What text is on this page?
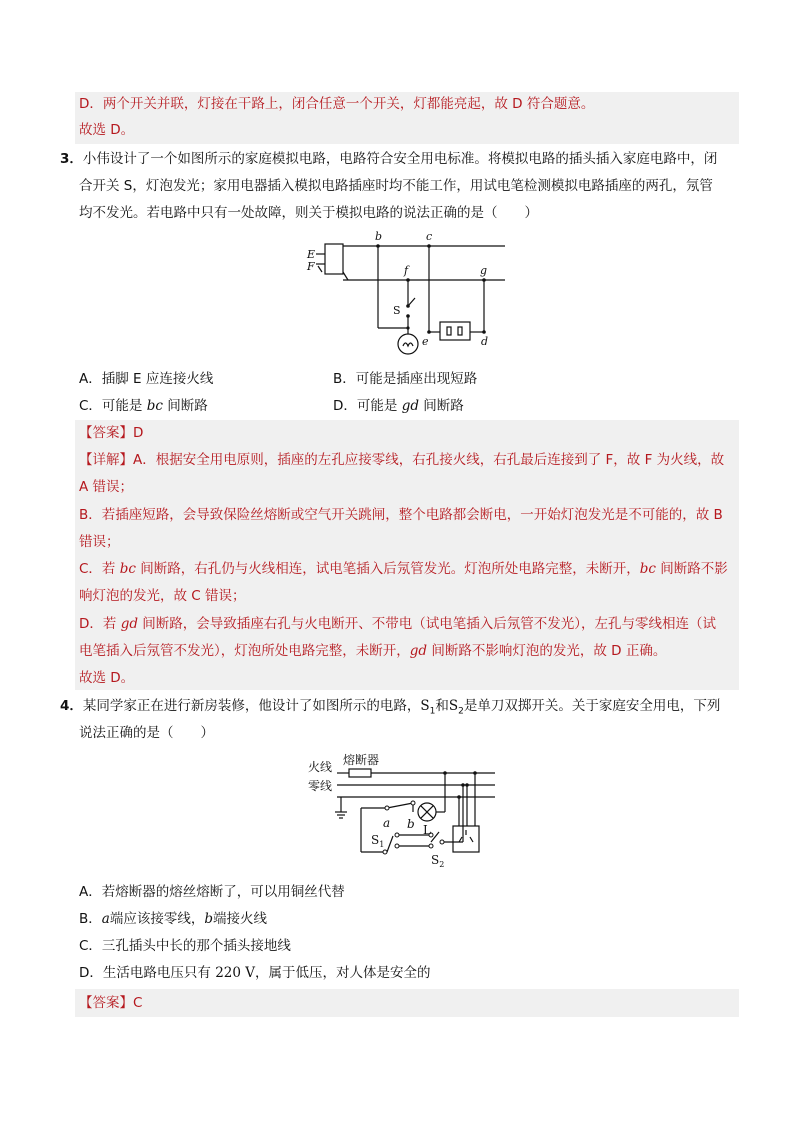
D．两个开关并联，灯接在干路上，闭合任意一个开关，灯都能亮起，故 D 符合题意。
故选 D。
3．小伟设计了一个如图所示的家庭模拟电路，电路符合安全用电标准。将模拟电路的插头插入家庭电路中，闭
合开关 S，灯泡发光；家用电器插入模拟电路插座时均不能工作，用试电笔检测模拟电路插座的两孔，氖管
均不发光。若电路中只有一处故障，则关于模拟电路的说法正确的是（　　）
E
F
b	c
f	g
S
e	d
A．插脚 E 应连接火线	B．可能是插座出现短路
C．可能是 bc 间断路	D．可能是 gd 间断路
【答案】D
【详解】A．根据安全用电原则，插座的左孔应接零线，右孔接火线，右孔最后连接到了 F，故 F 为火线，故
A 错误；
B．若插座短路，会导致保险丝熔断或空气开关跳闸，整个电路都会断电，一开始灯泡发光是不可能的，故 B
错误；
C．若 bc 间断路，右孔仍与火线相连，试电笔插入后氖管发光。灯泡所处电路完整，未断开，bc 间断路不影
响灯泡的发光，故 C 错误；
D．若 gd 间断路，会导致插座右孔与火电断开、不带电（试电笔插入后氖管不发光），左孔与零线相连（试
电笔插入后氖管不发光），灯泡所处电路完整，未断开，gd 间断路不影响灯泡的发光，故 D 正确。
故选 D。
4．某同学家正在进行新房装修，他设计了如图所示的电路，$S_1$和$S_2$是单刀双掷开关。关于家庭安全用电，下列
说法正确的是（　　）
火线
零线
熔断器
a b L
$S_1$
$S_2$
A．若熔断器的熔丝熔断了，可以用铜丝代替
B．a端应该接零线，b端接火线
C．三孔插头中长的那个插头接地线
D．生活电路电压只有 220 V，属于低压，对人体是安全的
【答案】C
